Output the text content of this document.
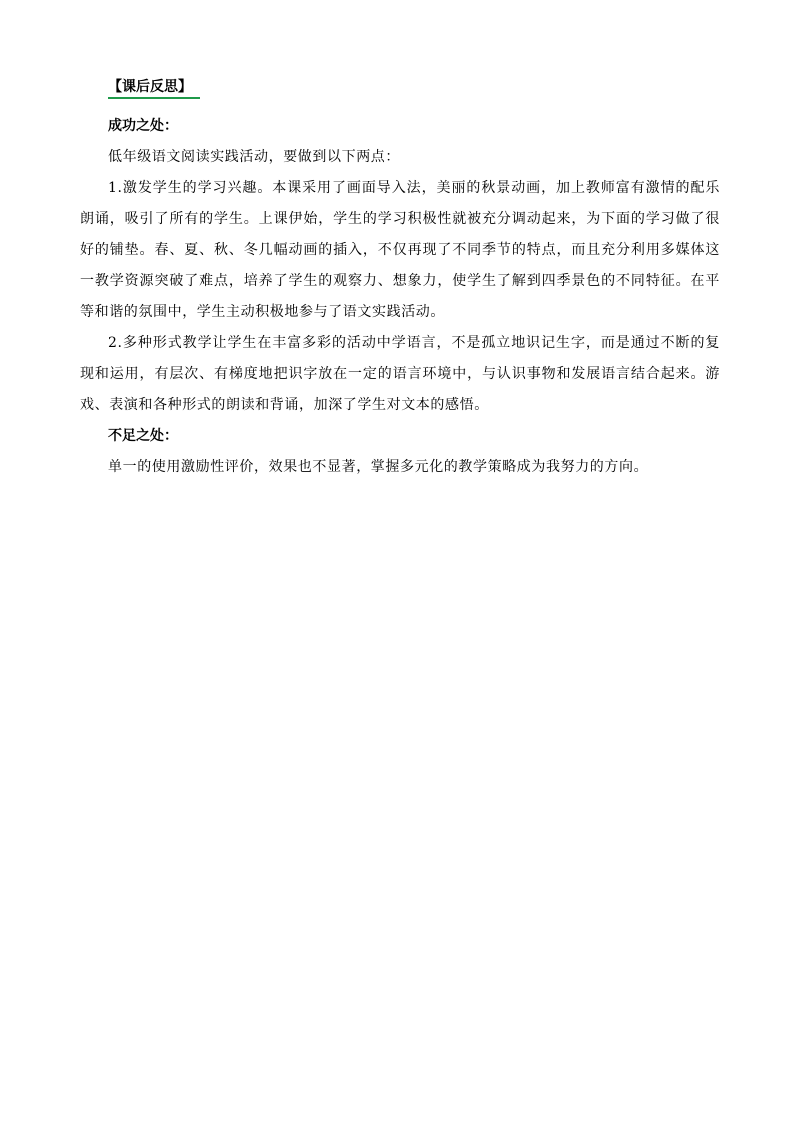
【课后反思】

成功之处：

低年级语文阅读实践活动，要做到以下两点：

1.激发学生的学习兴趣。本课采用了画面导入法，美丽的秋景动画，加上教师富有激情的配乐朗诵，吸引了所有的学生。上课伊始，学生的学习积极性就被充分调动起来，为下面的学习做了很好的铺垫。春、夏、秋、冬几幅动画的插入，不仅再现了不同季节的特点，而且充分利用多媒体这一教学资源突破了难点，培养了学生的观察力、想象力，使学生了解到四季景色的不同特征。在平等和谐的氛围中，学生主动积极地参与了语文实践活动。

2.多种形式教学让学生在丰富多彩的活动中学语言，不是孤立地识记生字，而是通过不断的复现和运用，有层次、有梯度地把识字放在一定的语言环境中，与认识事物和发展语言结合起来。游戏、表演和各种形式的朗读和背诵，加深了学生对文本的感悟。

不足之处：

单一的使用激励性评价，效果也不显著，掌握多元化的教学策略成为我努力的方向。
